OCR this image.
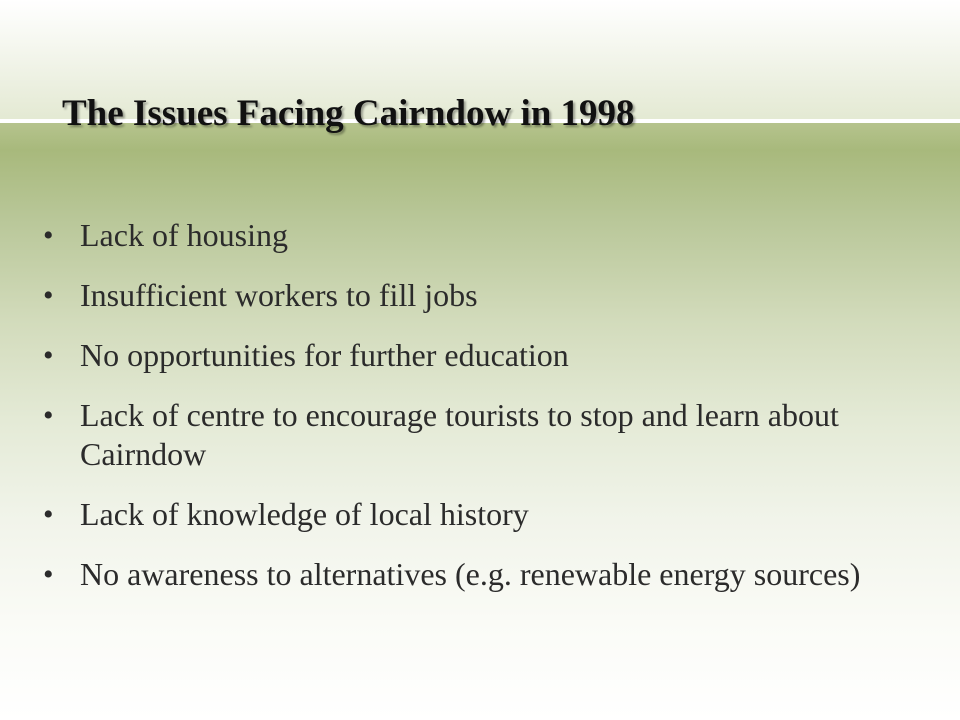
The Issues Facing Cairndow in 1998
• Lack of housing
• Insufficient workers to fill jobs
• No opportunities for further education
• Lack of centre to encourage tourists to stop and learn about Cairndow
• Lack of knowledge of local history
• No awareness to alternatives (e.g. renewable energy sources)
